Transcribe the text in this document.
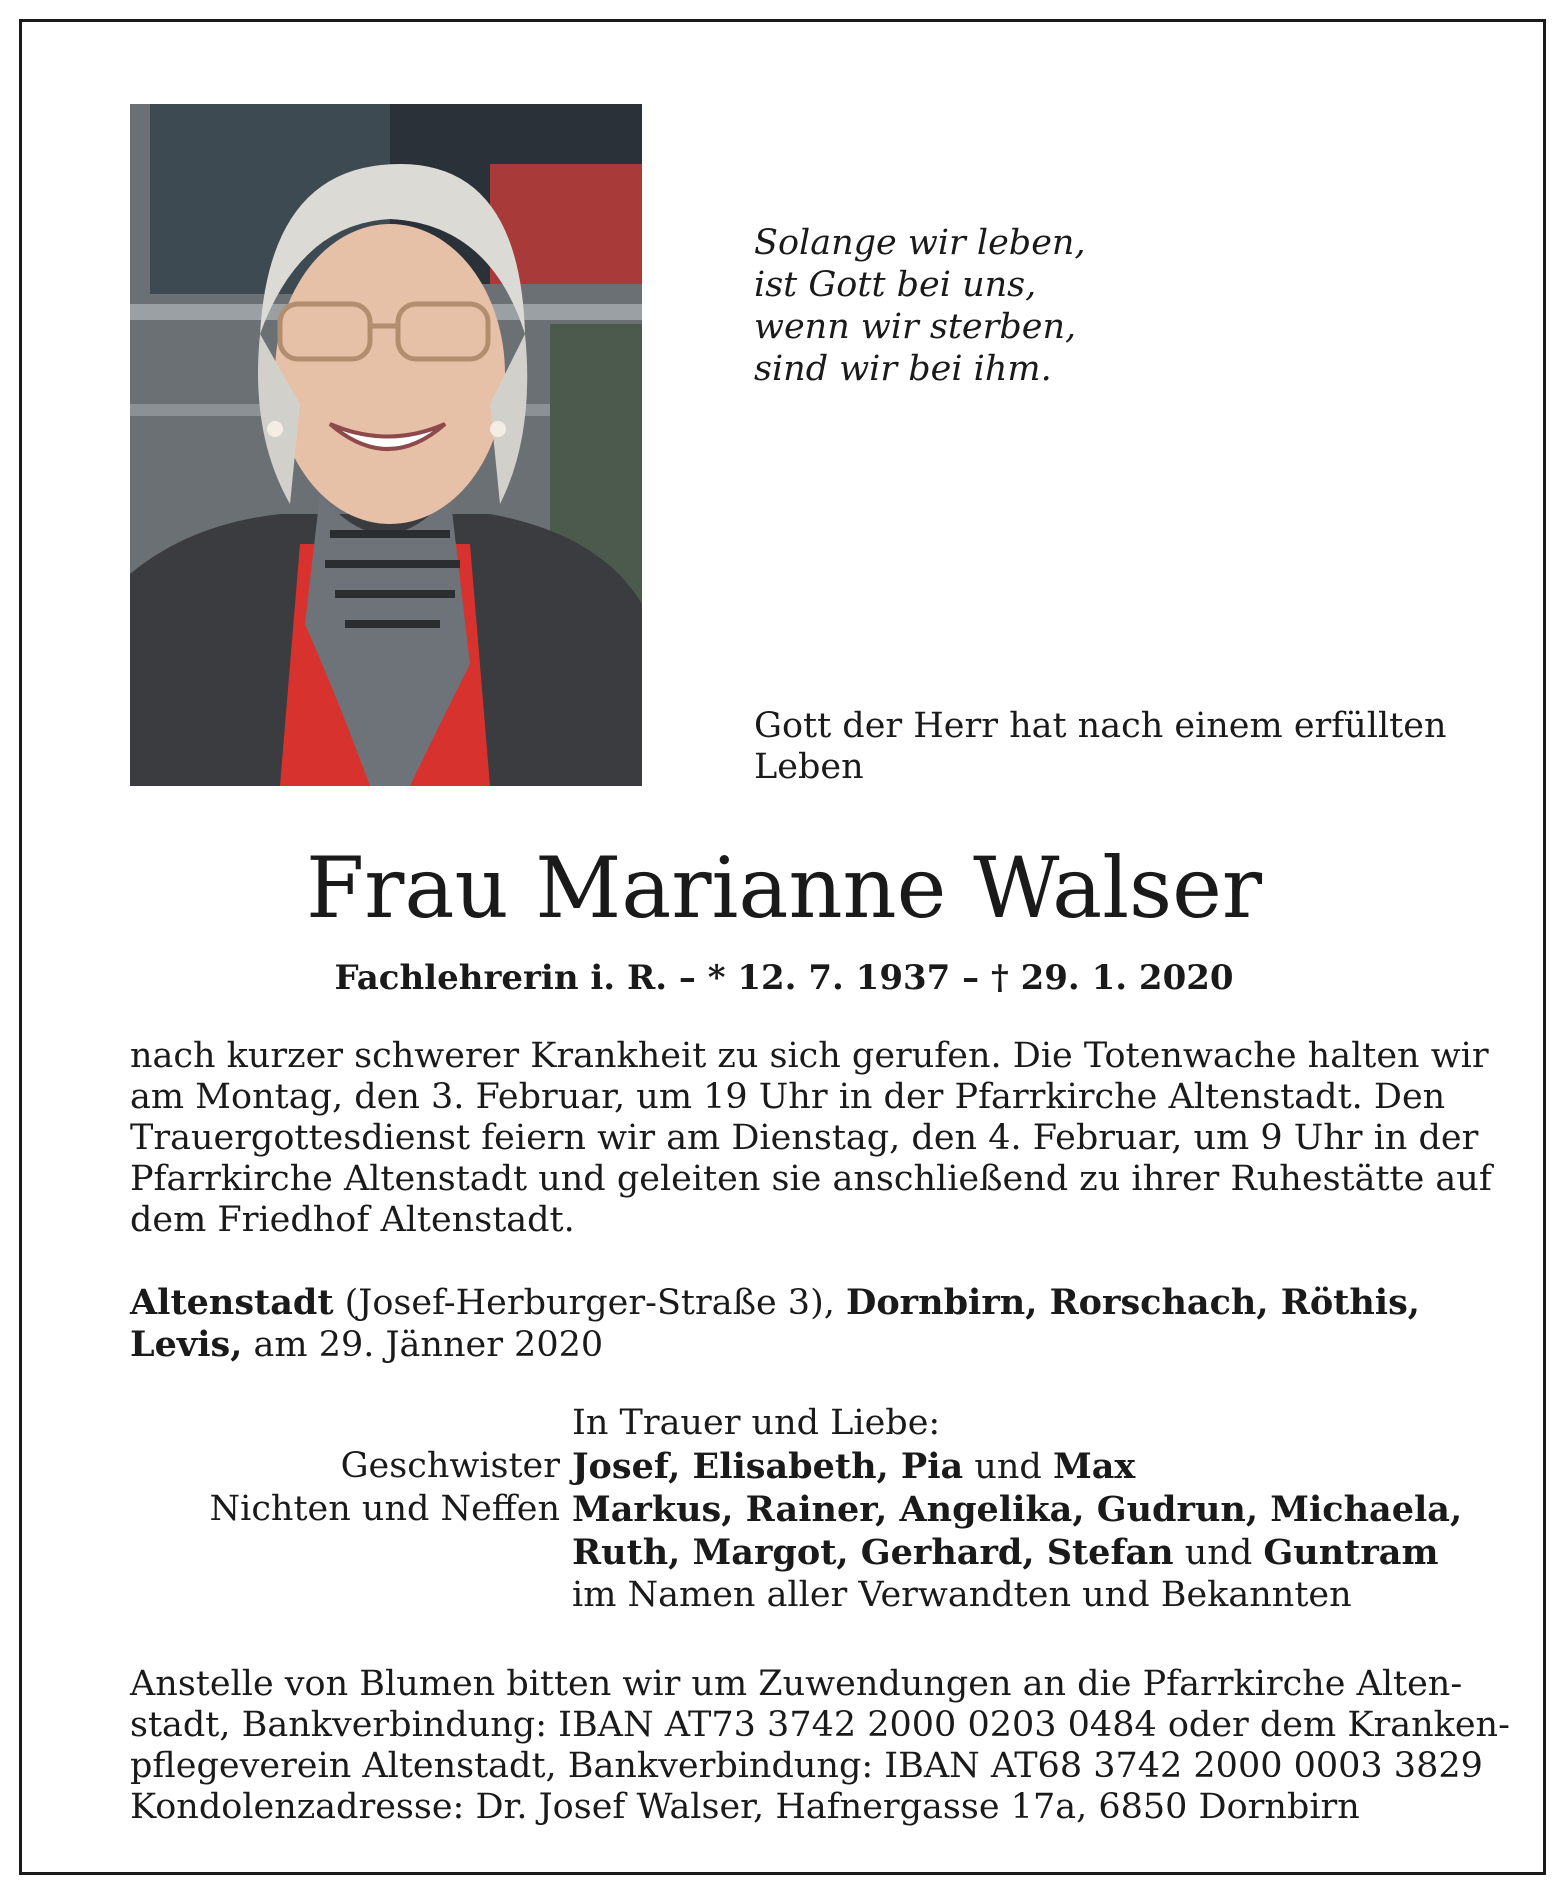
Solange wir leben,
ist Gott bei uns,
wenn wir sterben,
sind wir bei ihm.
Gott der Herr hat nach einem erfüllten
Leben
Frau Marianne Walser
Fachlehrerin i. R. – * 12. 7. 1937 – † 29. 1. 2020
nach kurzer schwerer Krankheit zu sich gerufen. Die Totenwache halten wir
am Montag, den 3. Februar, um 19 Uhr in der Pfarrkirche Altenstadt. Den
Trauergottesdienst feiern wir am Dienstag, den 4. Februar, um 9 Uhr in der
Pfarrkirche Altenstadt und geleiten sie anschließend zu ihrer Ruhestätte auf
dem Friedhof Altenstadt.
Altenstadt (Josef-Herburger-Straße 3), Dornbirn, Rorschach, Röthis,
Levis, am 29. Jänner 2020
In Trauer und Liebe:
Geschwister Josef, Elisabeth, Pia und Max
Nichten und Neffen Markus, Rainer, Angelika, Gudrun, Michaela,
Ruth, Margot, Gerhard, Stefan und Guntram
im Namen aller Verwandten und Bekannten
Anstelle von Blumen bitten wir um Zuwendungen an die Pfarrkirche Alten-
stadt, Bankverbindung: IBAN AT73 3742 2000 0203 0484 oder dem Kranken-
pflegeverein Altenstadt, Bankverbindung: IBAN AT68 3742 2000 0003 3829
Kondolenzadresse: Dr. Josef Walser, Hafnergasse 17a, 6850 Dornbirn
